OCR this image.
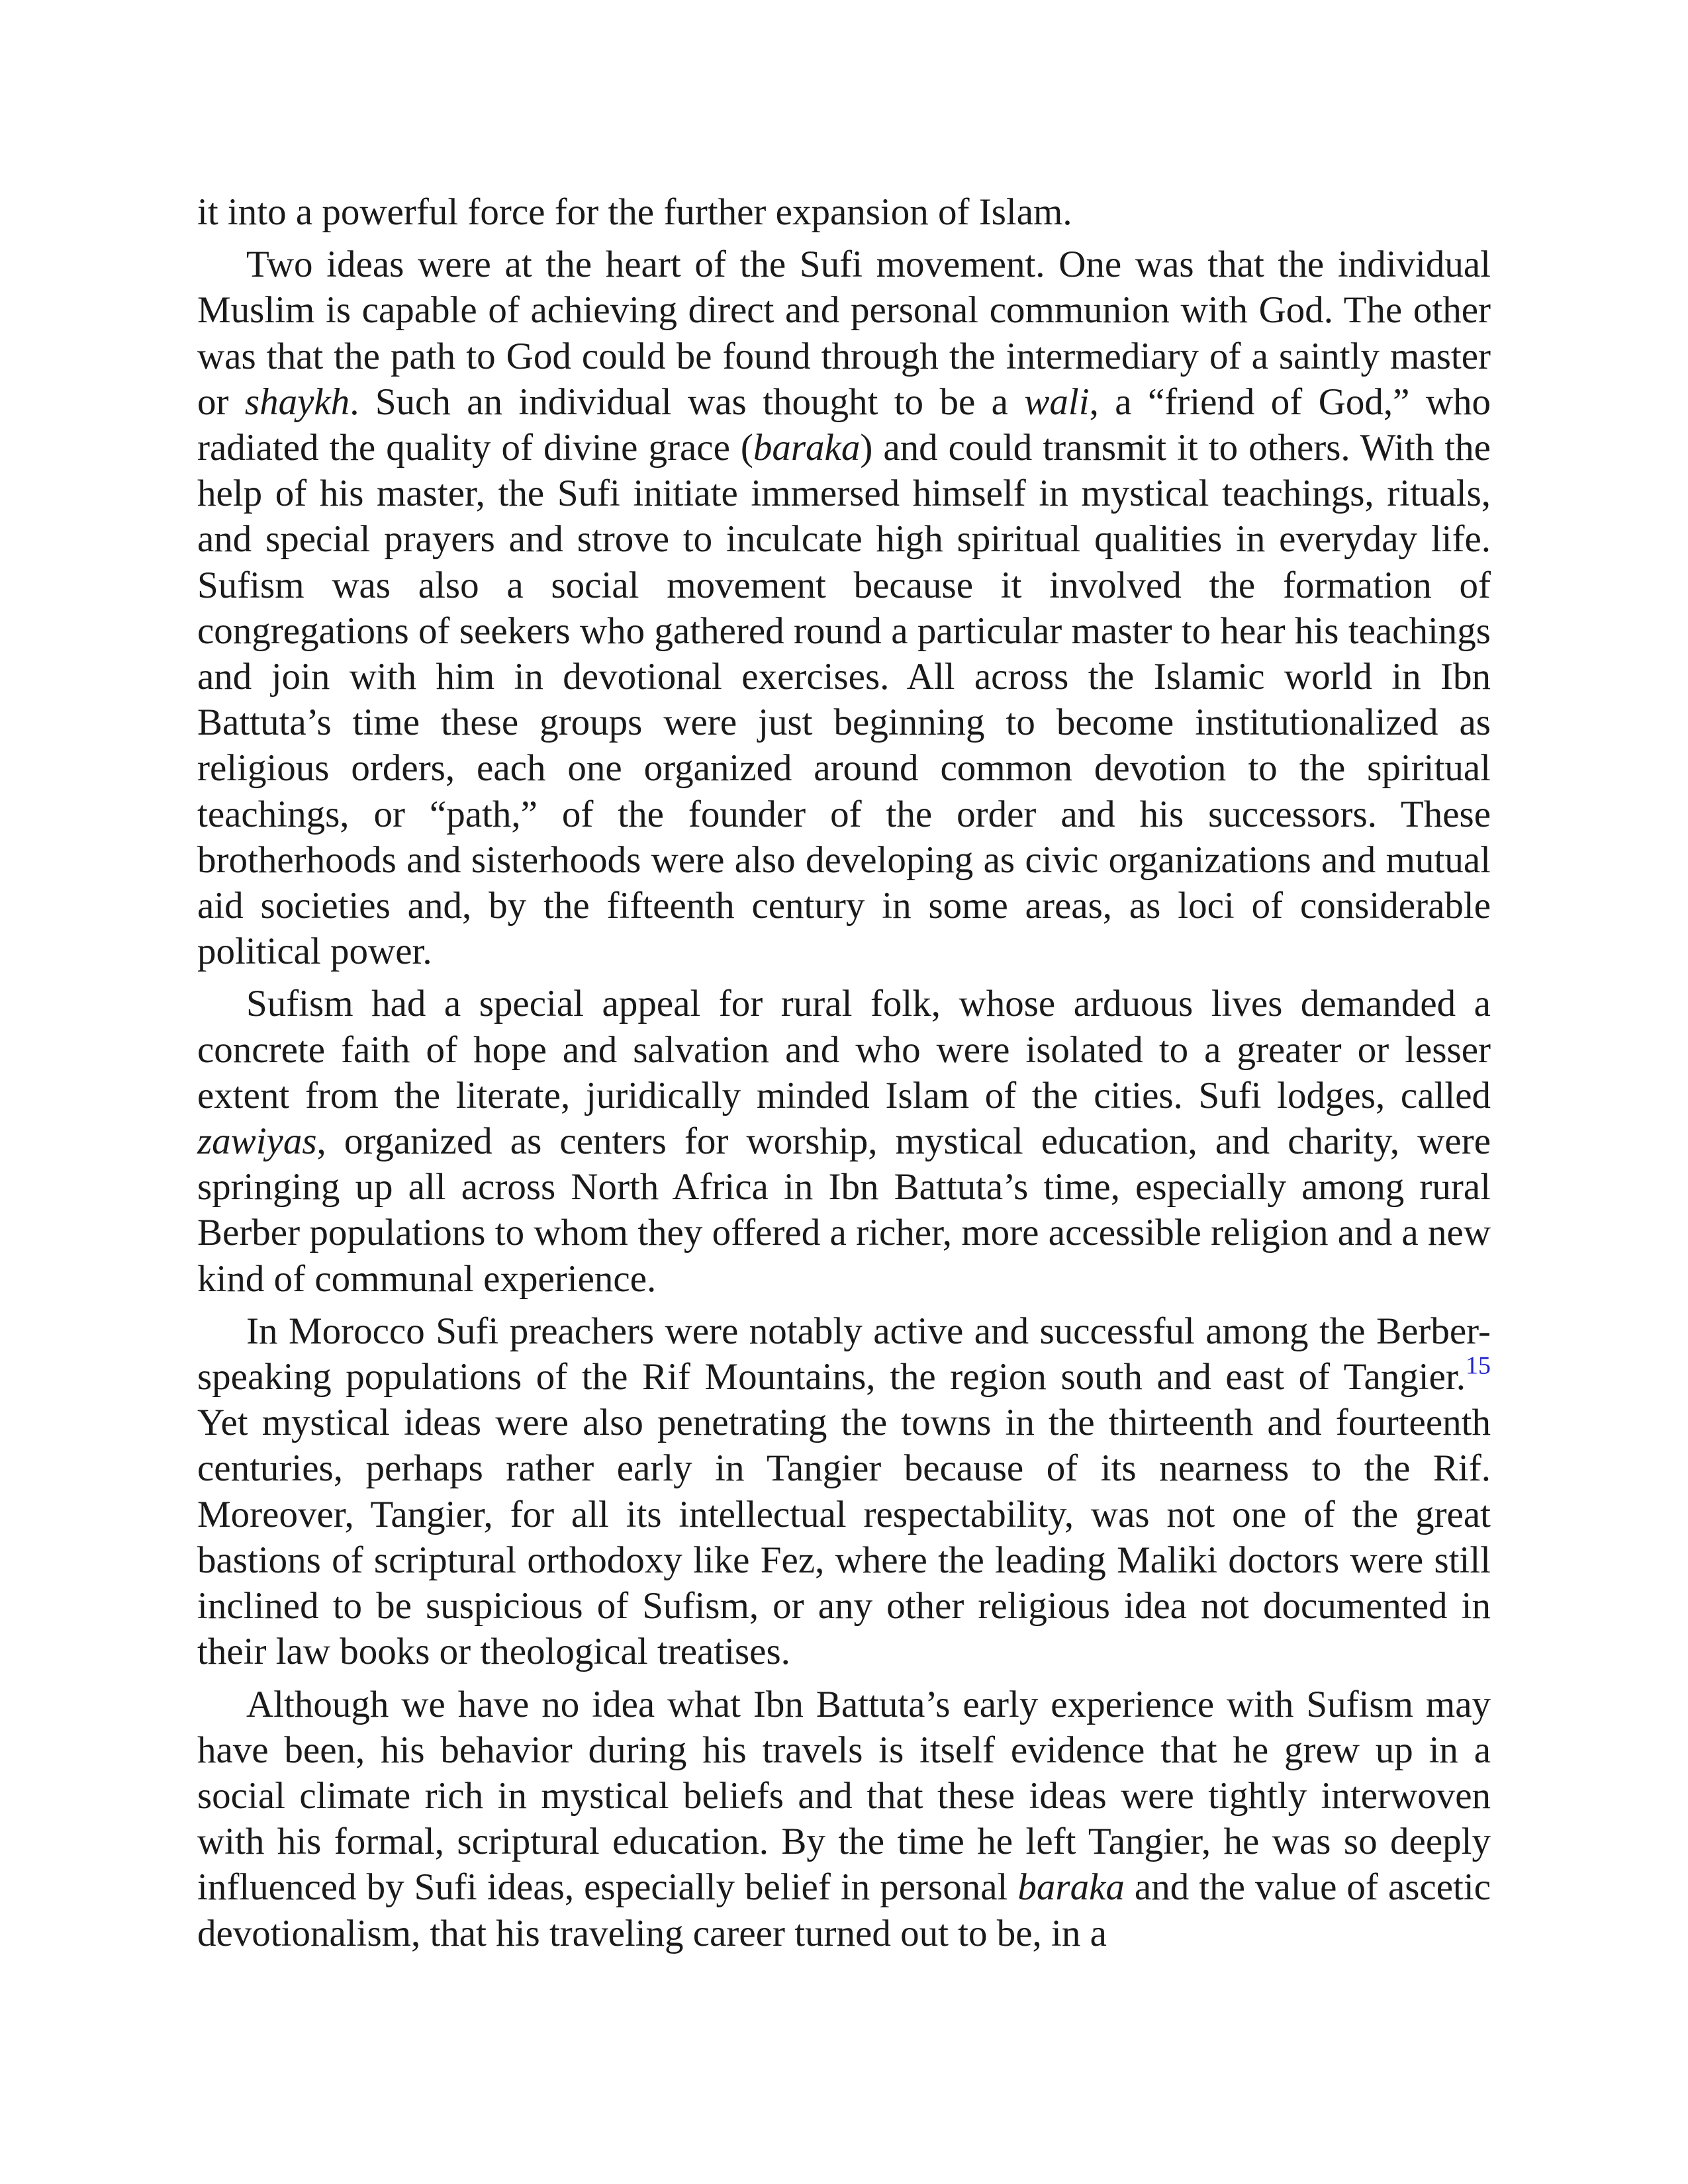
it into a powerful force for the further expansion of Islam.

Two ideas were at the heart of the Sufi movement. One was that the individual Muslim is capable of achieving direct and personal communion with God. The other was that the path to God could be found through the intermediary of a saintly master or shaykh. Such an individual was thought to be a wali, a “friend of God,” who radiated the quality of divine grace (baraka) and could transmit it to others. With the help of his master, the Sufi initiate immersed himself in mystical teachings, rituals, and special prayers and strove to inculcate high spiritual qualities in everyday life. Sufism was also a social movement because it involved the formation of congregations of seekers who gathered round a particular master to hear his teachings and join with him in devotional exercises. All across the Islamic world in Ibn Battuta’s time these groups were just beginning to become institutionalized as religious orders, each one organized around common devotion to the spiritual teachings, or “path,” of the founder of the order and his successors. These brotherhoods and sisterhoods were also developing as civic organizations and mutual aid societies and, by the fifteenth century in some areas, as loci of considerable political power.

Sufism had a special appeal for rural folk, whose arduous lives demanded a concrete faith of hope and salvation and who were isolated to a greater or lesser extent from the literate, juridically minded Islam of the cities. Sufi lodges, called zawiyas, organized as centers for worship, mystical education, and charity, were springing up all across North Africa in Ibn Battuta’s time, especially among rural Berber populations to whom they offered a richer, more accessible religion and a new kind of communal experience.

In Morocco Sufi preachers were notably active and successful among the Berber-speaking populations of the Rif Mountains, the region south and east of Tangier.$^{15}$ Yet mystical ideas were also penetrating the towns in the thirteenth and fourteenth centuries, perhaps rather early in Tangier because of its nearness to the Rif. Moreover, Tangier, for all its intellectual respectability, was not one of the great bastions of scriptural orthodoxy like Fez, where the leading Maliki doctors were still inclined to be suspicious of Sufism, or any other religious idea not documented in their law books or theological treatises.

Although we have no idea what Ibn Battuta’s early experience with Sufism may have been, his behavior during his travels is itself evidence that he grew up in a social climate rich in mystical beliefs and that these ideas were tightly interwoven with his formal, scriptural education. By the time he left Tangier, he was so deeply influenced by Sufi ideas, especially belief in personal baraka and the value of ascetic devotionalism, that his traveling career turned out to be, in a
